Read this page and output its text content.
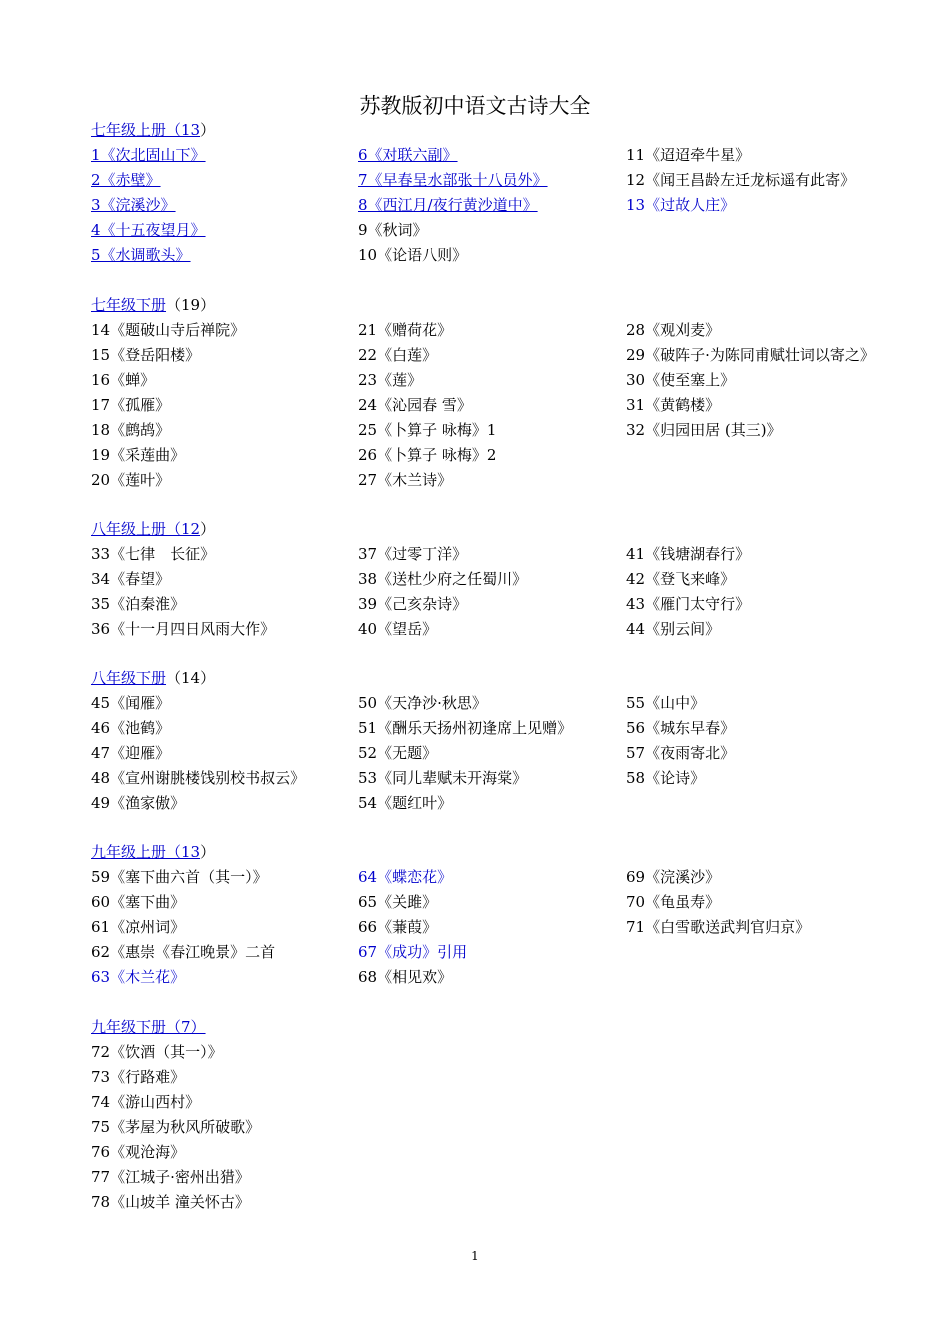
苏教版初中语文古诗大全
七年级上册（13）
1《次北固山下》
2《赤壁》
3《浣溪沙》
4《十五夜望月》
5《水调歌头》
6《对联六副》
7《早春呈水部张十八员外》
8《西江月/夜行黄沙道中》
9《秋词》
10《论语八则》
11《迢迢牵牛星》
12《闻王昌龄左迁龙标遥有此寄》
13《过故人庄》
七年级下册（19）
14《题破山寺后禅院》
15《登岳阳楼》
16《蝉》
17《孤雁》
18《鹧鸪》
19《采莲曲》
20《莲叶》
21《赠荷花》
22《白莲》
23《莲》
24《沁园春 雪》
25《卜算子 咏梅》1
26《卜算子 咏梅》2
27《木兰诗》
28《观刈麦》
29《破阵子·为陈同甫赋壮词以寄之》
30《使至塞上》
31《黄鹤楼》
32《归园田居 (其三)》
八年级上册（12）
33《七律　长征》
34《春望》
35《泊秦淮》
36《十一月四日风雨大作》
37《过零丁洋》
38《送杜少府之任蜀川》
39《己亥杂诗》
40《望岳》
41《钱塘湖春行》
42《登飞来峰》
43《雁门太守行》
44《别云间》
八年级下册（14）
45《闻雁》
46《池鹤》
47《迎雁》
48《宣州谢朓楼饯别校书叔云》
49《渔家傲》
50《天净沙·秋思》
51《酬乐天扬州初逢席上见赠》
52《无题》
53《同儿辈赋未开海棠》
54《题红叶》
55《山中》
56《城东早春》
57《夜雨寄北》
58《论诗》
九年级上册（13）
59《塞下曲六首（其一）》
60《塞下曲》
61《凉州词》
62《惠崇《春江晚景》二首
63《木兰花》
64《蝶恋花》
65《关雎》
66《蒹葭》
67《成功》引用
68《相见欢》
69《浣溪沙》
70《龟虽寿》
71《白雪歌送武判官归京》
九年级下册（7）
72《饮酒（其一）》
73《行路难》
74《游山西村》
75《茅屋为秋风所破歌》
76《观沧海》
77《江城子·密州出猎》
78《山坡羊 潼关怀古》
1
